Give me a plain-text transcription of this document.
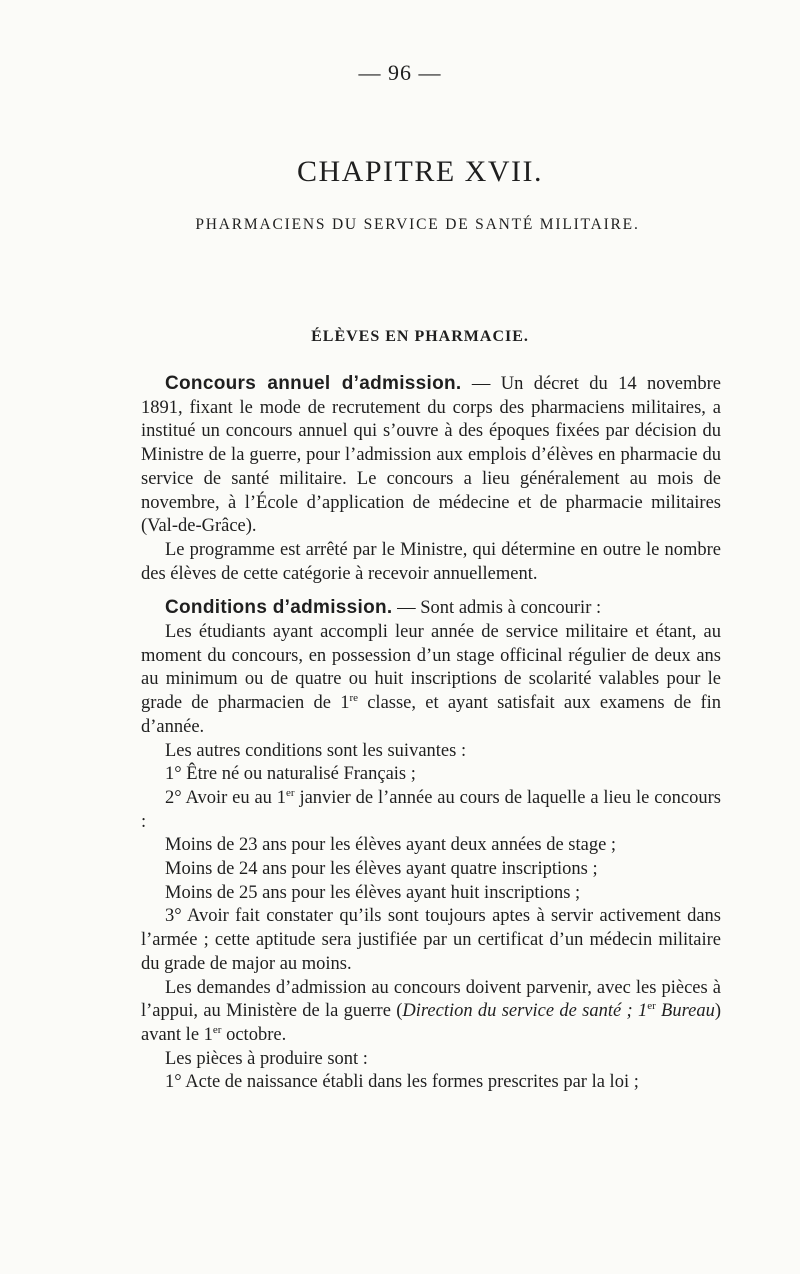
— 96 —
CHAPITRE XVII.
PHARMACIENS DU SERVICE DE SANTÉ MILITAIRE.
ÉLÈVES EN PHARMACIE.

Concours annuel d’admission. — Un décret du 14 novembre 1891, fixant le mode de recrutement du corps des pharmaciens militaires, a institué un concours annuel qui s’ouvre à des époques fixées par décision du Ministre de la guerre, pour l’admission aux emplois d’élèves en pharmacie du service de santé militaire. Le concours a lieu généralement au mois de novembre, à l’École d’application de médecine et de pharmacie militaires (Val-de-Grâce).

Le programme est arrêté par le Ministre, qui détermine en outre le nombre des élèves de cette catégorie à recevoir annuellement.

Conditions d’admission. — Sont admis à concourir :

Les étudiants ayant accompli leur année de service militaire et étant, au moment du concours, en possession d’un stage officinal régulier de deux ans au minimum ou de quatre ou huit inscriptions de scolarité valables pour le grade de pharmacien de 1re classe, et ayant satisfait aux examens de fin d’année.

Les autres conditions sont les suivantes :

1° Être né ou naturalisé Français ;

2° Avoir eu au 1er janvier de l’année au cours de laquelle a lieu le concours :

Moins de 23 ans pour les élèves ayant deux années de stage ;

Moins de 24 ans pour les élèves ayant quatre inscriptions ;

Moins de 25 ans pour les élèves ayant huit inscriptions ;

3° Avoir fait constater qu’ils sont toujours aptes à servir activement dans l’armée ; cette aptitude sera justifiée par un certificat d’un médecin militaire du grade de major au moins.

Les demandes d’admission au concours doivent parvenir, avec les pièces à l’appui, au Ministère de la guerre (Direction du service de santé ; 1er Bureau) avant le 1er octobre.

Les pièces à produire sont :

1° Acte de naissance établi dans les formes prescrites par la loi ;
